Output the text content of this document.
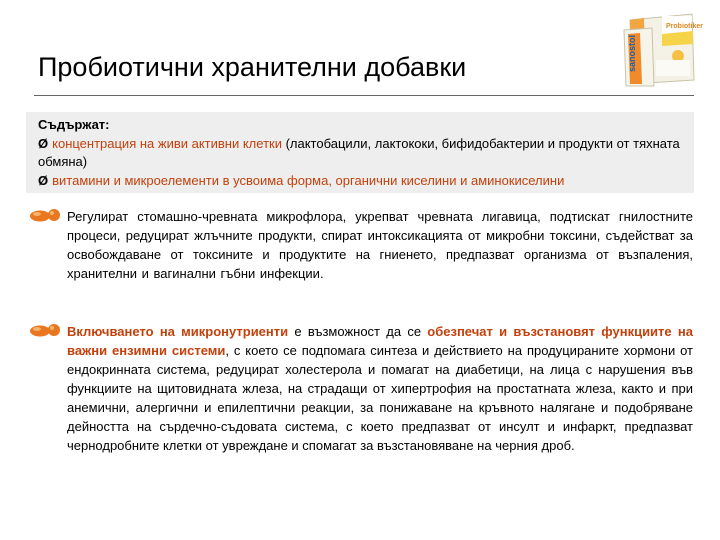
Пробиотични хранителни добавки	sanostol
Probiotiker
Съдържат:
Ø концентрация на живи активни клетки (лактобацили, лактококи, бифидобактерии и продукти от тяхната обмяна)
Ø витамини и микроелементи в усвоима форма, органични киселини и аминокиселини
Регулират стомашно-чревната микрофлора, укрепват чревната лигавица, подтискат гнилостните процеси, редуцират жлъчните продукти, спират интоксикацията от микробни токсини, съдействат за освобождаване от токсините и продуктите на гниенето, предпазват организма от възпаления, хранителни и вагинални гъбни инфекции.
Включването на микронутриенти е възможност да се обезпечат и възстановят функциите на важни ензимни системи, с което се подпомага синтеза и действието на продуцираните хормони от ендокринната система, редуцират холестерола и помагат на диабетици, на лица с нарушения във функциите на щитовидната жлеза, на страдащи от хипертрофия на простатната жлеза, както и при анемични, алергични и епилептични реакции, за понижаване на кръвното налягане и подобряване дейността на сърдечно-съдовата система, с което предпазват от инсулт и инфаркт, предпазват чернодробните клетки от увреждане и спомагат за възстановяване на черния дроб.
